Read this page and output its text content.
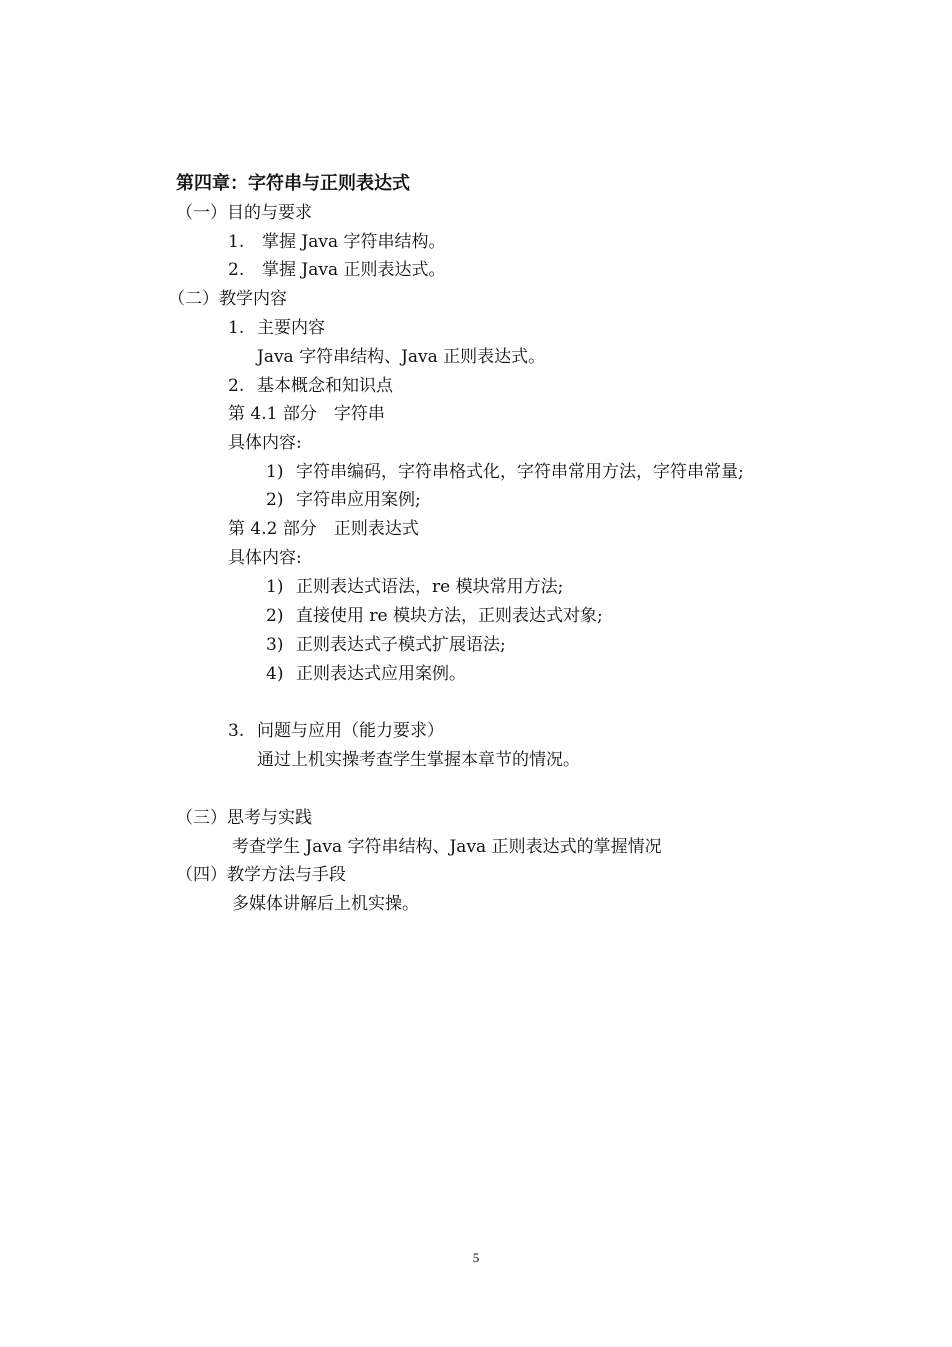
第四章：字符串与正则表达式
（一）目的与要求
1. 掌握 Java 字符串结构。
2. 掌握 Java 正则表达式。
（二）教学内容
1. 主要内容
Java 字符串结构、Java 正则表达式。
2. 基本概念和知识点
第 4.1 部分　字符串
具体内容:
1) 字符串编码，字符串格式化，字符串常用方法，字符串常量;
2) 字符串应用案例;
第 4.2 部分　正则表达式
具体内容:
1) 正则表达式语法，re 模块常用方法;
2) 直接使用 re 模块方法，正则表达式对象;
3) 正则表达式子模式扩展语法;
4) 正则表达式应用案例。
3. 问题与应用（能力要求）
通过上机实操考查学生掌握本章节的情况。
（三）思考与实践
考查学生 Java 字符串结构、Java 正则表达式的掌握情况
（四）教学方法与手段
多媒体讲解后上机实操。
5
